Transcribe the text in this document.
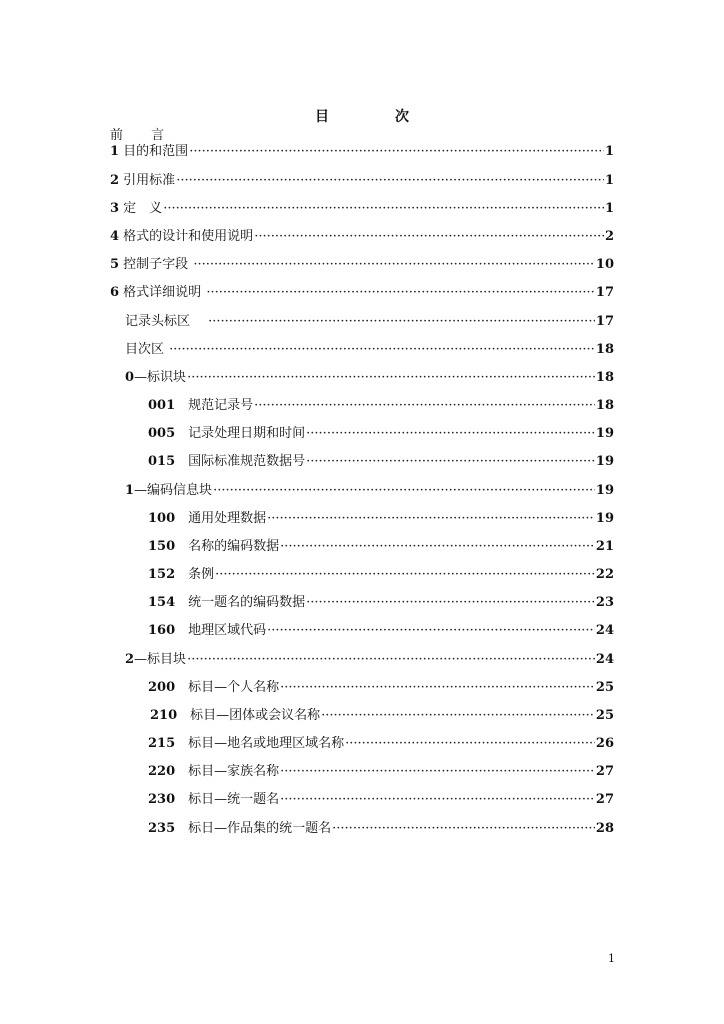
目　次
前 言
1 目的和范围 ·····	1
2 引用标准 ·····	1
3 定　义 ·····	1
4 格式的设计和使用说明 ·····	2
5 控制子字段 ·····	10
6 格式详细说明 ·····	17
记录头标区　 ·····	17
目次区 ·····	18
0 —标识块 ·····	18
001 　规范记录号 ·····	18
005 　记录处理日期和时间 ·····	19
015 　国际标准规范数据号 ·····	19
1 —编码信息块 ·····	19
100 　通用处理数据 ·····	19
150 　名称的编码数据 ·····	21
152 　条例 ·····	22
154 　统一题名的编码数据 ·····	23
160 　地理区域代码 ·····	24
2 —标目块 ·····	24
200 　标目—个人名称 ·····	25
210 　标目—团体或会议名称 ·····	25
215 　标目—地名或地理区域名称 ·····	26
220 　标目—家族名称 ·····	27
230 　标日—统一题名 ·····	27
235 　标日—作品集的统一题名 ·····	28
1
